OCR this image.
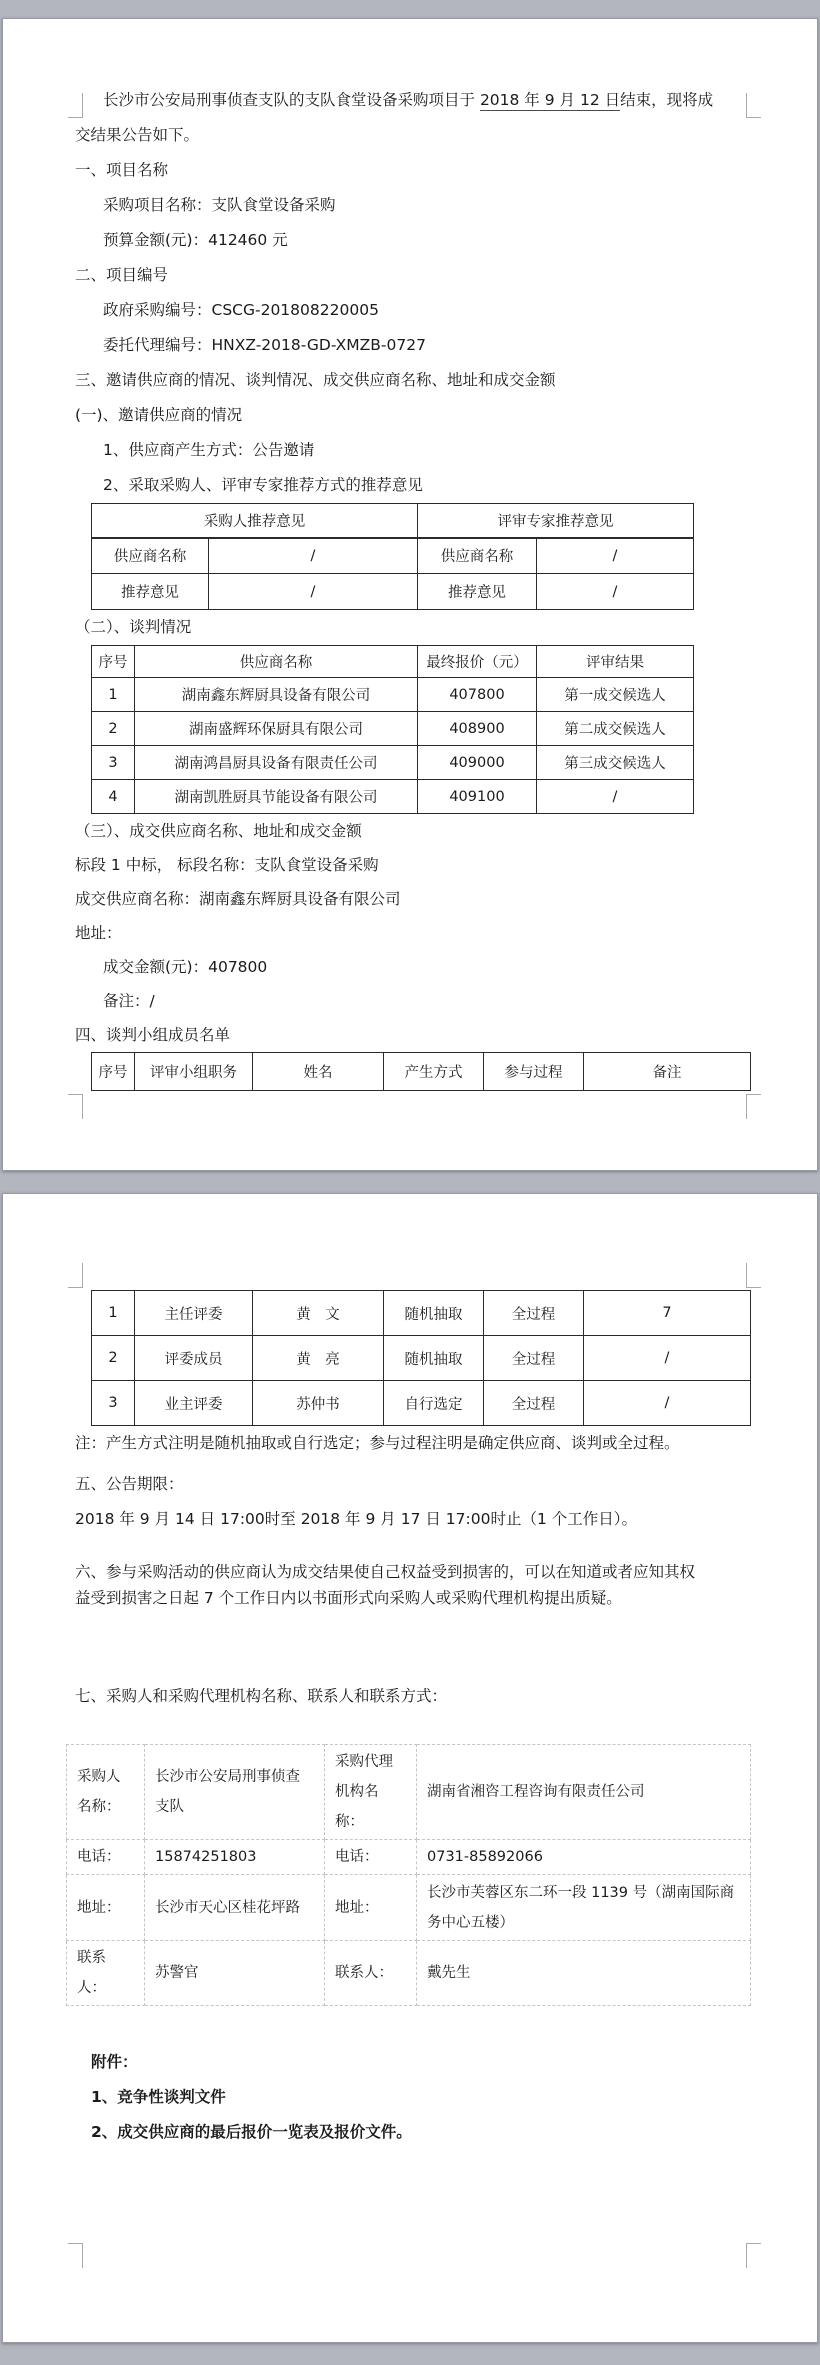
长沙市公安局刑事侦查支队的支队食堂设备采购项目于 2018 年 9 月 12 日结束，现将成
交结果公告如下。
一、项目名称
采购项目名称：支队食堂设备采购
预算金额(元)：412460 元
二、项目编号
政府采购编号：CSCG-201808220005
委托代理编号：HNXZ-2018-GD-XMZB-0727
三、邀请供应商的情况、谈判情况、成交供应商名称、地址和成交金额
(一)、邀请供应商的情况
1、供应商产生方式：公告邀请
2、采取采购人、评审专家推荐方式的推荐意见
采购人推荐意见		评审专家推荐意见	
供应商名称	/	供应商名称	/
推荐意见	/	推荐意见	/
（二）、谈判情况
序号	供应商名称	最终报价（元）	评审结果
1	湖南鑫东辉厨具设备有限公司	407800	第一成交候选人
2	湖南盛辉环保厨具有限公司	408900	第二成交候选人
3	湖南鸿昌厨具设备有限责任公司	409000	第三成交候选人
4	湖南凯胜厨具节能设备有限公司	409100	/
（三）、成交供应商名称、地址和成交金额
标段 1 中标， 标段名称：支队食堂设备采购
成交供应商名称：湖南鑫东辉厨具设备有限公司
地址：
成交金额(元)：407800
备注：/
四、谈判小组成员名单
序号	评审小组职务	姓名	产生方式	参与过程	备注
1	主任评委	黄　文	随机抽取	全过程	7
2	评委成员	黄　亮	随机抽取	全过程	/
3	业主评委	苏仲书	自行选定	全过程	/
注：产生方式注明是随机抽取或自行选定；参与过程注明是确定供应商、谈判或全过程。
五、公告期限：
2018 年 9 月 14 日 17:00时至 2018 年 9 月 17 日 17:00时止（1 个工作日）。
六、参与采购活动的供应商认为成交结果使自己权益受到损害的，可以在知道或者应知其权
益受到损害之日起 7 个工作日内以书面形式向采购人或采购代理机构提出质疑。
七、采购人和采购代理机构名称、联系人和联系方式：
采购人名称：	长沙市公安局刑事侦查支队	采购代理机构名称：	湖南省湘咨工程咨询有限责任公司
电话：	15874251803	电话：	0731-85892066
地址：	长沙市天心区桂花坪路	地址：	长沙市芙蓉区东二环一段 1139 号（湖南国际商务中心五楼）
联系人：	苏警官	联系人：	戴先生
附件：
1、竞争性谈判文件
2、成交供应商的最后报价一览表及报价文件。
